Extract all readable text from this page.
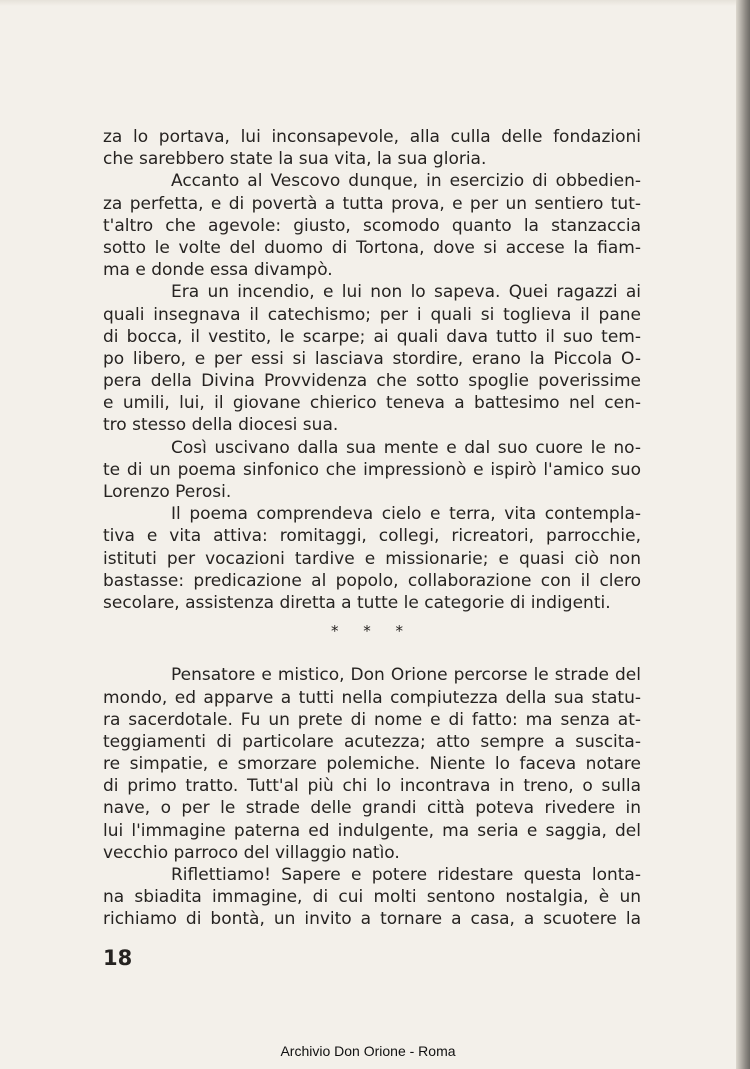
za lo portava, lui inconsapevole, alla culla delle fondazioni
che sarebbero state la sua vita, la sua gloria.
Accanto al Vescovo dunque, in esercizio di obbedien-
za perfetta, e di povertà a tutta prova, e per un sentiero tut-
t'altro che agevole: giusto, scomodo quanto la stanzaccia
sotto le volte del duomo di Tortona, dove si accese la fiam-
ma e donde essa divampò.
Era un incendio, e lui non lo sapeva. Quei ragazzi ai
quali insegnava il catechismo; per i quali si toglieva il pane
di bocca, il vestito, le scarpe; ai quali dava tutto il suo tem-
po libero, e per essi si lasciava stordire, erano la Piccola O-
pera della Divina Provvidenza che sotto spoglie poverissime
e umili, lui, il giovane chierico teneva a battesimo nel cen-
tro stesso della diocesi sua.
Così uscivano dalla sua mente e dal suo cuore le no-
te di un poema sinfonico che impressionò e ispirò l'amico suo
Lorenzo Perosi.
Il poema comprendeva cielo e terra, vita contempla-
tiva e vita attiva: romitaggi, collegi, ricreatori, parrocchie,
istituti per vocazioni tardive e missionarie; e quasi ciò non
bastasse: predicazione al popolo, collaborazione con il clero
secolare, assistenza diretta a tutte le categorie di indigenti.
* * *
Pensatore e mistico, Don Orione percorse le strade del
mondo, ed apparve a tutti nella compiutezza della sua statu-
ra sacerdotale. Fu un prete di nome e di fatto: ma senza at-
teggiamenti di particolare acutezza; atto sempre a suscita-
re simpatie, e smorzare polemiche. Niente lo faceva notare
di primo tratto. Tutt'al più chi lo incontrava in treno, o sulla
nave, o per le strade delle grandi città poteva rivedere in
lui l'immagine paterna ed indulgente, ma seria e saggia, del
vecchio parroco del villaggio natìo.
Riflettiamo! Sapere e potere ridestare questa lonta-
na sbiadita immagine, di cui molti sentono nostalgia, è un
richiamo di bontà, un invito a tornare a casa, a scuotere la
18
Archivio Don Orione - Roma
